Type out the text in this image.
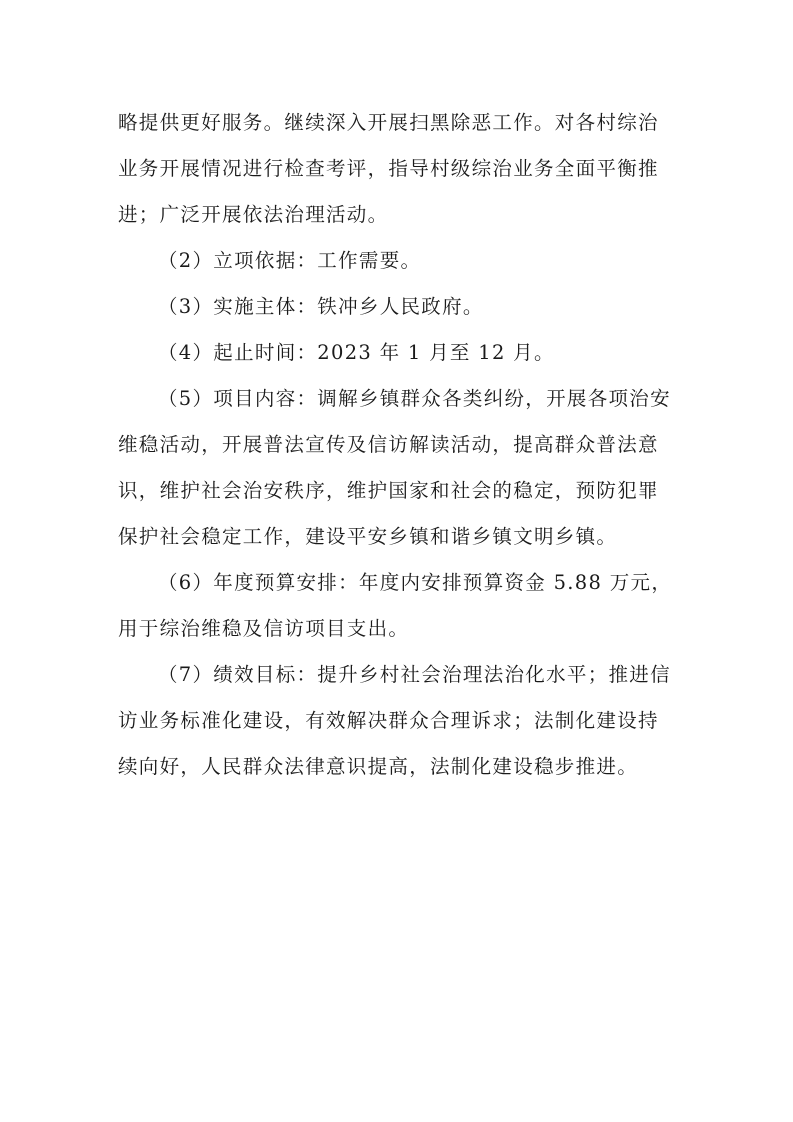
略提供更好服务。继续深入开展扫黑除恶工作。对各村综治
业务开展情况进行检查考评，指导村级综治业务全面平衡推
进；广泛开展依法治理活动。
（2）立项依据：工作需要。
（3）实施主体：铁冲乡人民政府。
（4）起止时间：2023 年 1 月至 12 月。
（5）项目内容：调解乡镇群众各类纠纷，开展各项治安
维稳活动，开展普法宣传及信访解读活动，提高群众普法意
识，维护社会治安秩序，维护国家和社会的稳定，预防犯罪
保护社会稳定工作，建设平安乡镇和谐乡镇文明乡镇。
（6）年度预算安排：年度内安排预算资金 5.88 万元，
用于综治维稳及信访项目支出。
（7）绩效目标：提升乡村社会治理法治化水平；推进信
访业务标准化建设，有效解决群众合理诉求；法制化建设持
续向好，人民群众法律意识提高，法制化建设稳步推进。
